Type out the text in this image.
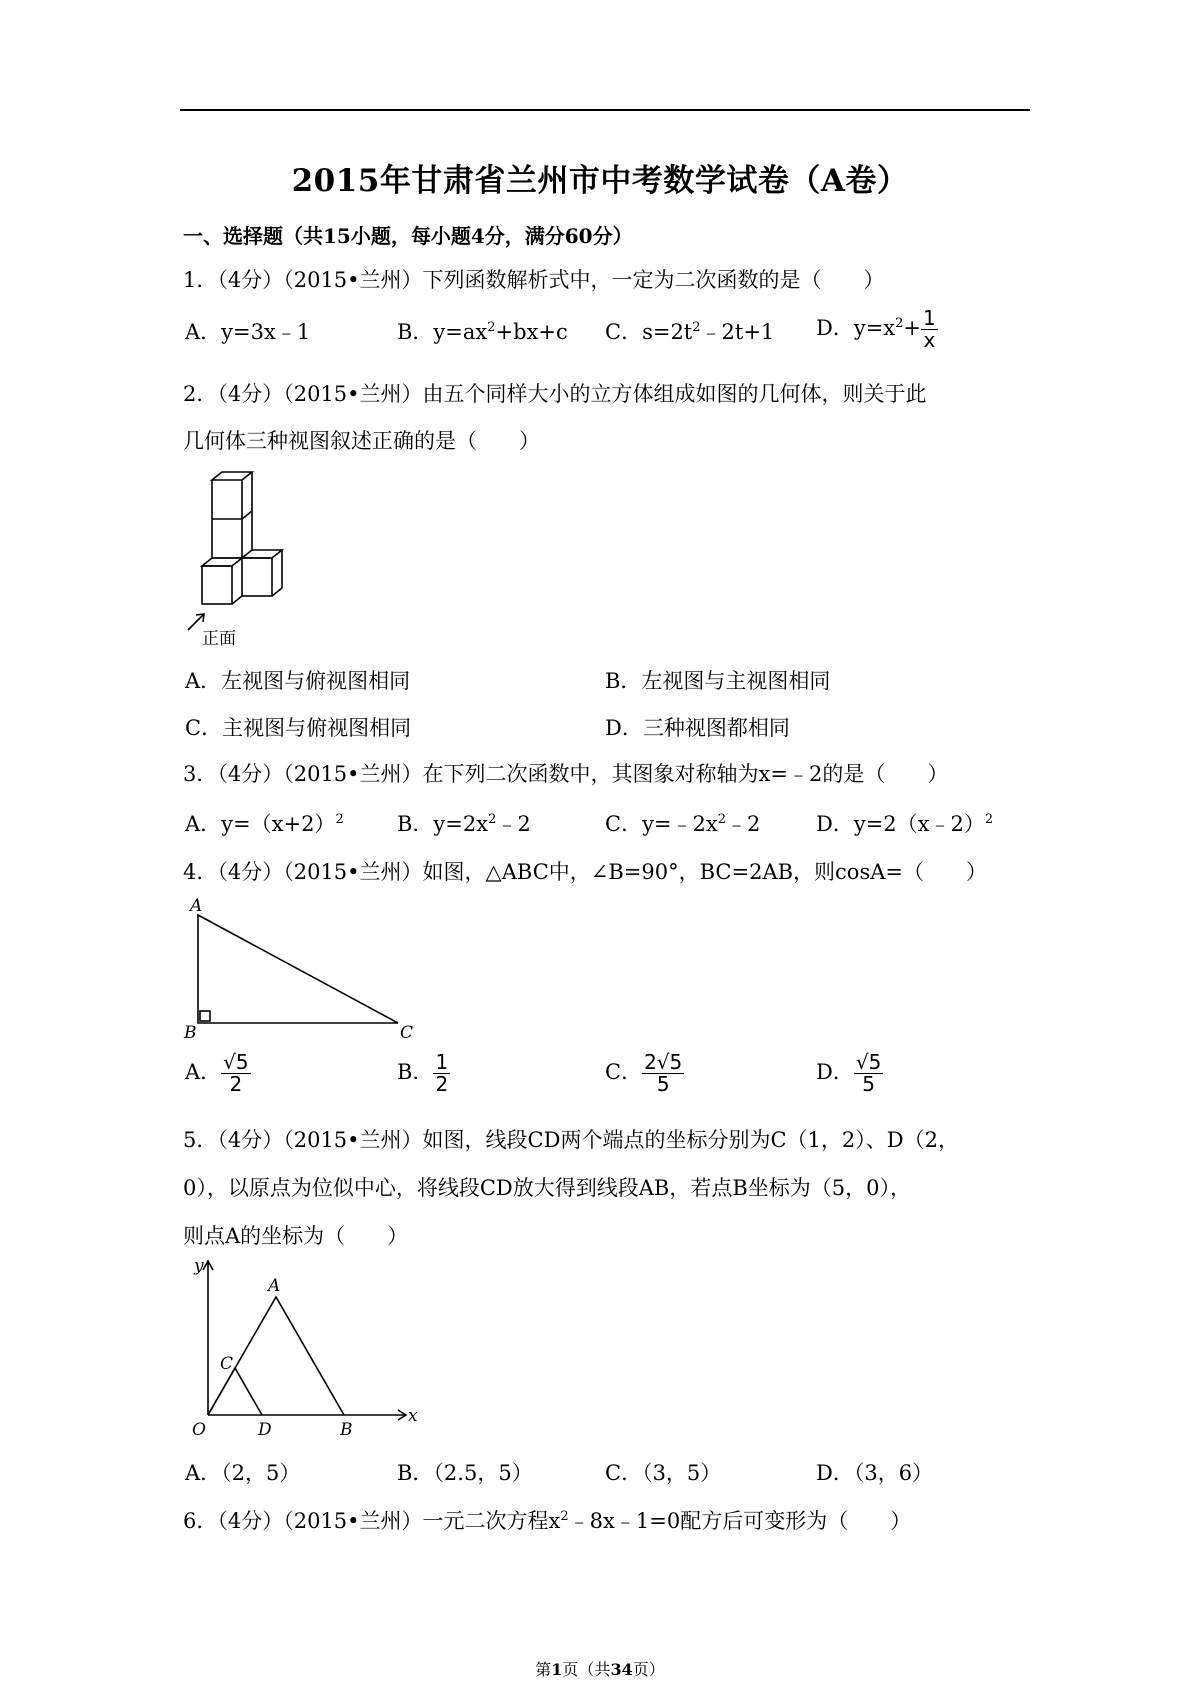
2015年甘肃省兰州市中考数学试卷（A卷）
一、选择题（共15小题，每小题4分，满分60分）
1．（4分）（2015•兰州）下列函数解析式中，一定为二次函数的是（　　）
A．y=3x﹣1	B．$y=ax^2+bx+c$ C．$s=2t^2﹣2t+1$ D．$y=x^2+ \frac{1}{x}$
2．（4分）（2015•兰州）由五个同样大小的立方体组成如图的几何体，则关于此
几何体三种视图叙述正确的是（　　）
正面
A．左视图与俯视图相同	B．左视图与主视图相同
C．主视图与俯视图相同	D．三种视图都相同
3．（4分）（2015•兰州）在下列二次函数中，其图象对称轴为x=﹣2的是（　　）
A．$y=(x+2)^2$	B．$y=2x^2﹣2$	C．$y=﹣2x^2﹣2$	D．y=2（x﹣2）$^2$
4．（4分）（2015•兰州）如图，△ABC中，∠B=90°，BC=2AB，则cosA=（　　）
A
B	C
A． $\frac{√5}{2}$	B． $\frac{1}{2}$	C． $\frac{2√5}{5}$	D． $\frac{√5}{5}$
5．（4分）（2015•兰州）如图，线段CD两个端点的坐标分别为C（1，2）、D（2，
0），以原点为位似中心，将线段CD放大得到线段AB，若点B坐标为（5，0），
则点A的坐标为（　　）
y
x
O
A
C
D	B
A．（2，5）	B．（2.5，5）	C．（3，5）	D．（3，6）
6．（4分）（2015•兰州）一元二次方程$x^2﹣8x﹣1=0$配方后可变形为（　　）
第1页（共34页）
